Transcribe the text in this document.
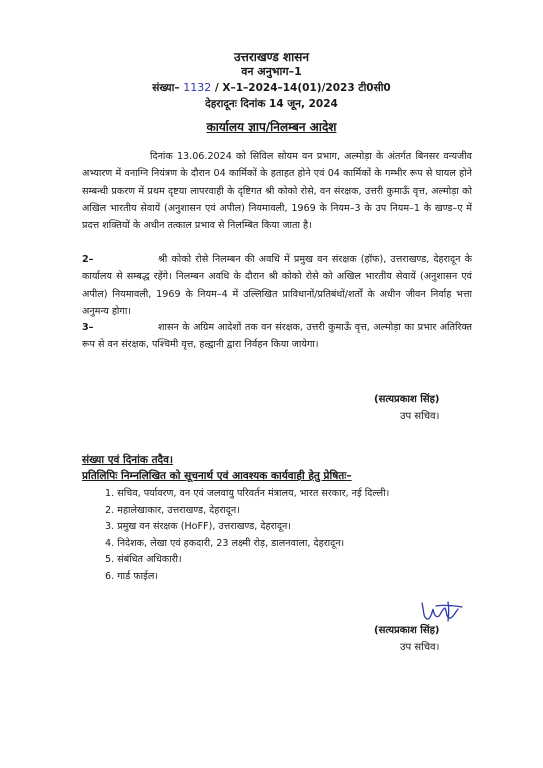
उत्तराखण्ड शासन
वन अनुभाग–1
संख्या– 1132 / X–1–2024–14(01)/2023 टी0सी0
देहरादूनः दिनांक 14 जून, 2024
कार्यालय ज्ञाप/निलम्बन आदेश

दिनांक 13.06.2024 को सिविल सोयम वन प्रभाग, अल्मोड़ा के अंतर्गत बिनसर वन्यजीव अभ्यारण में वनाग्नि नियंत्रण के दौरान 04 कार्मिकों के हताहत होने एवं 04 कार्मिकों के गम्भीर रूप से घायल होने सम्बन्धी प्रकरण में प्रथम दृष्टया लापरवाही के दृष्टिगत श्री कोको रोसे, वन संरक्षक, उत्तरी कुमाऊँ वृत्त, अल्मोड़ा को अखिल भारतीय सेवायें (अनुशासन एवं अपील) नियमावली, 1969 के नियम–3 के उप नियम–1 के खण्ड–ए में प्रदत्त शक्तियों के अधीन तत्काल प्रभाव से निलम्बित किया जाता है।

2–	श्री कोको रोसे निलम्बन की अवधि में प्रमुख वन संरक्षक (हॉफ), उत्तराखण्ड, देहरादून के कार्यालय से सम्बद्ध रहेंगे। निलम्बन अवधि के दौरान श्री कोको रोसे को अखिल भारतीय सेवायें (अनुशासन एवं अपील) नियमावली, 1969 के नियम–4 में उल्लिखित प्राविधानों/प्रतिबंधों/शर्तों के अधीन जीवन निर्वाह भत्ता अनुमन्य होगा।

3–	शासन के अग्रिम आदेशों तक वन संरक्षक, उत्तरी कुमाऊँ वृत्त, अल्मोड़ा का प्रभार अतिरिक्त रूप से वन संरक्षक, पश्चिमी वृत्त, हल्द्वानी द्वारा निर्वहन किया जायेगा।

(सत्यप्रकाश सिंह)
उप सचिव।
संख्या एवं दिनांक तदैव।
प्रतिलिपिः निम्नलिखित को सूचनार्थ एवं आवश्यक कार्यवाही हेतु प्रेषितः–
1. सचिव, पर्यावरण, वन एवं जलवायु परिवर्तन मंत्रालय, भारत सरकार, नई दिल्ली।
2. महालेखाकार, उत्तराखण्ड, देहरादून।
3. प्रमुख वन संरक्षक (HoFF), उत्तराखण्ड, देहरादून।
4. निदेशक, लेखा एवं हकदारी, 23 लक्ष्मी रोड़, डालनवाला, देहरादून।
5. संबंधित अधिकारी।
6. गार्ड फाईल।
(सत्यप्रकाश सिंह)
उप सचिव।
